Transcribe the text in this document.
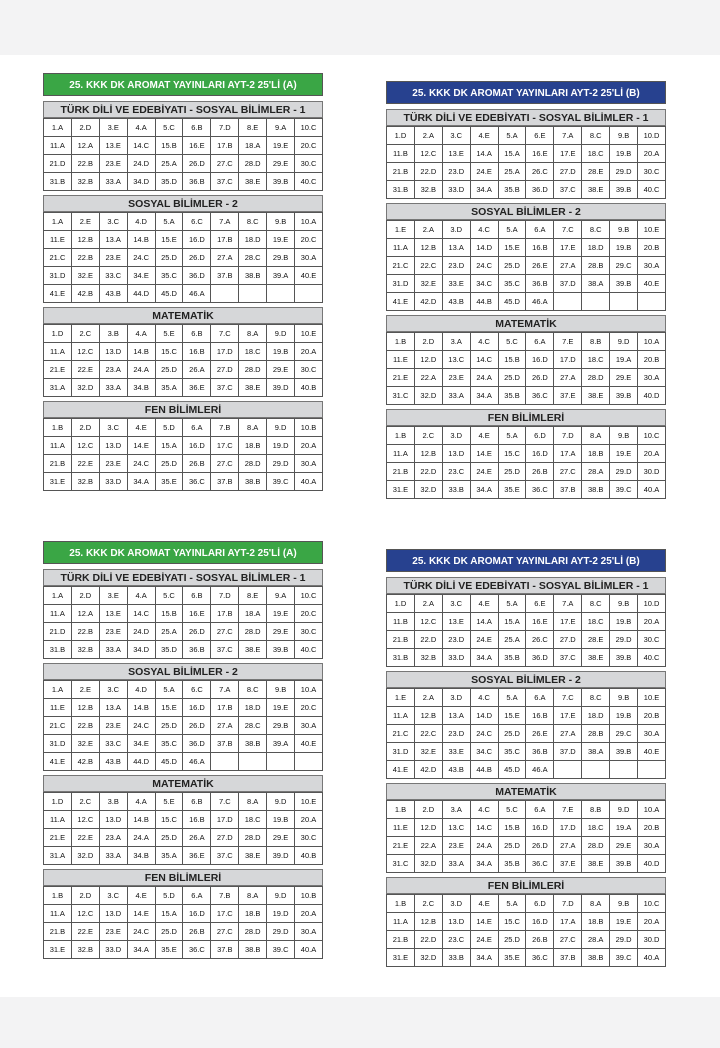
25. KKK DK AROMAT YAYINLARI AYT-2 25'Lİ (A)
TÜRK DİLİ VE EDEBİYATI - SOSYAL BİLİMLER - 1
1.A	2.D	3.E	4.A	5.C	6.B	7.D	8.E	9.A	10.C
11.A	12.A	13.E	14.C	15.B	16.E	17.B	18.A	19.E	20.C
21.D	22.B	23.E	24.D	25.A	26.D	27.C	28.D	29.E	30.C
31.B	32.B	33.A	34.D	35.D	36.B	37.C	38.E	39.B	40.C
SOSYAL BİLİMLER - 2
1.A	2.E	3.C	4.D	5.A	6.C	7.A	8.C	9.B	10.A
11.E	12.B	13.A	14.B	15.E	16.D	17.B	18.D	19.E	20.C
21.C	22.B	23.E	24.C	25.D	26.D	27.A	28.C	29.B	30.A
31.D	32.E	33.C	34.E	35.C	36.D	37.B	38.B	39.A	40.E
41.E	42.B	43.B	44.D	45.D	46.A				
MATEMATİK
1.D	2.C	3.B	4.A	5.E	6.B	7.C	8.A	9.D	10.E
11.A	12.C	13.D	14.B	15.C	16.B	17.D	18.C	19.B	20.A
21.E	22.E	23.A	24.A	25.D	26.A	27.D	28.D	29.E	30.C
31.A	32.D	33.A	34.B	35.A	36.E	37.C	38.E	39.D	40.B
FEN BİLİMLERİ
1.B	2.D	3.C	4.E	5.D	6.A	7.B	8.A	9.D	10.B
11.A	12.C	13.D	14.E	15.A	16.D	17.C	18.B	19.D	20.A
21.B	22.E	23.E	24.C	25.D	26.B	27.C	28.D	29.D	30.A
31.E	32.B	33.D	34.A	35.E	36.C	37.B	38.B	39.C	40.A
25. KKK DK AROMAT YAYINLARI AYT-2 25'Lİ (B)
TÜRK DİLİ VE EDEBİYATI - SOSYAL BİLİMLER - 1
1.D	2.A	3.C	4.E	5.A	6.E	7.A	8.C	9.B	10.D
11.B	12.C	13.E	14.A	15.A	16.E	17.E	18.C	19.B	20.A
21.B	22.D	23.D	24.E	25.A	26.C	27.D	28.E	29.D	30.C
31.B	32.B	33.D	34.A	35.B	36.D	37.C	38.E	39.B	40.C
SOSYAL BİLİMLER - 2
1.E	2.A	3.D	4.C	5.A	6.A	7.C	8.C	9.B	10.E
11.A	12.B	13.A	14.D	15.E	16.B	17.E	18.D	19.B	20.B
21.C	22.C	23.D	24.C	25.D	26.E	27.A	28.B	29.C	30.A
31.D	32.E	33.E	34.C	35.C	36.B	37.D	38.A	39.B	40.E
41.E	42.D	43.B	44.B	45.D	46.A				
MATEMATİK
1.B	2.D	3.A	4.C	5.C	6.A	7.E	8.B	9.D	10.A
11.E	12.D	13.C	14.C	15.B	16.D	17.D	18.C	19.A	20.B
21.E	22.A	23.E	24.A	25.D	26.D	27.A	28.D	29.E	30.A
31.C	32.D	33.A	34.A	35.B	36.C	37.E	38.E	39.B	40.D
FEN BİLİMLERİ
1.B	2.C	3.D	4.E	5.A	6.D	7.D	8.A	9.B	10.C
11.A	12.B	13.D	14.E	15.C	16.D	17.A	18.B	19.E	20.A
21.B	22.D	23.C	24.E	25.D	26.B	27.C	28.A	29.D	30.D
31.E	32.D	33.B	34.A	35.E	36.C	37.B	38.B	39.C	40.A
25. KKK DK AROMAT YAYINLARI AYT-2 25'Lİ (A)
TÜRK DİLİ VE EDEBİYATI - SOSYAL BİLİMLER - 1
1.A	2.D	3.E	4.A	5.C	6.B	7.D	8.E	9.A	10.C
11.A	12.A	13.E	14.C	15.B	16.E	17.B	18.A	19.E	20.C
21.D	22.B	23.E	24.D	25.A	26.D	27.C	28.D	29.E	30.C
31.B	32.B	33.A	34.D	35.D	36.B	37.C	38.E	39.B	40.C
SOSYAL BİLİMLER - 2
1.A	2.E	3.C	4.D	5.A	6.C	7.A	8.C	9.B	10.A
11.E	12.B	13.A	14.B	15.E	16.D	17.B	18.D	19.E	20.C
21.C	22.B	23.E	24.C	25.D	26.D	27.A	28.C	29.B	30.A
31.D	32.E	33.C	34.E	35.C	36.D	37.B	38.B	39.A	40.E
41.E	42.B	43.B	44.D	45.D	46.A				
MATEMATİK
1.D	2.C	3.B	4.A	5.E	6.B	7.C	8.A	9.D	10.E
11.A	12.C	13.D	14.B	15.C	16.B	17.D	18.C	19.B	20.A
21.E	22.E	23.A	24.A	25.D	26.A	27.D	28.D	29.E	30.C
31.A	32.D	33.A	34.B	35.A	36.E	37.C	38.E	39.D	40.B
FEN BİLİMLERİ
1.B	2.D	3.C	4.E	5.D	6.A	7.B	8.A	9.D	10.B
11.A	12.C	13.D	14.E	15.A	16.D	17.C	18.B	19.D	20.A
21.B	22.E	23.E	24.C	25.D	26.B	27.C	28.D	29.D	30.A
31.E	32.B	33.D	34.A	35.E	36.C	37.B	38.B	39.C	40.A
25. KKK DK AROMAT YAYINLARI AYT-2 25'Lİ (B)
TÜRK DİLİ VE EDEBİYATI - SOSYAL BİLİMLER - 1
1.D	2.A	3.C	4.E	5.A	6.E	7.A	8.C	9.B	10.D
11.B	12.C	13.E	14.A	15.A	16.E	17.E	18.C	19.B	20.A
21.B	22.D	23.D	24.E	25.A	26.C	27.D	28.E	29.D	30.C
31.B	32.B	33.D	34.A	35.B	36.D	37.C	38.E	39.B	40.C
SOSYAL BİLİMLER - 2
1.E	2.A	3.D	4.C	5.A	6.A	7.C	8.C	9.B	10.E
11.A	12.B	13.A	14.D	15.E	16.B	17.E	18.D	19.B	20.B
21.C	22.C	23.D	24.C	25.D	26.E	27.A	28.B	29.C	30.A
31.D	32.E	33.E	34.C	35.C	36.B	37.D	38.A	39.B	40.E
41.E	42.D	43.B	44.B	45.D	46.A				
MATEMATİK
1.B	2.D	3.A	4.C	5.C	6.A	7.E	8.B	9.D	10.A
11.E	12.D	13.C	14.C	15.B	16.D	17.D	18.C	19.A	20.B
21.E	22.A	23.E	24.A	25.D	26.D	27.A	28.D	29.E	30.A
31.C	32.D	33.A	34.A	35.B	36.C	37.E	38.E	39.B	40.D
FEN BİLİMLERİ
1.B	2.C	3.D	4.E	5.A	6.D	7.D	8.A	9.B	10.C
11.A	12.B	13.D	14.E	15.C	16.D	17.A	18.B	19.E	20.A
21.B	22.D	23.C	24.E	25.D	26.B	27.C	28.A	29.D	30.D
31.E	32.D	33.B	34.A	35.E	36.C	37.B	38.B	39.C	40.A
